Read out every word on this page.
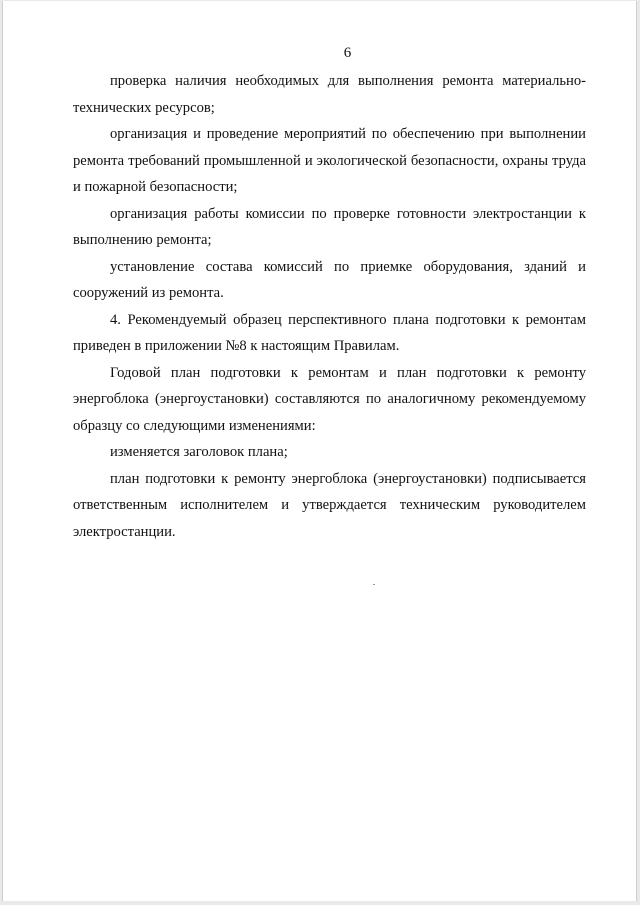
6

проверка наличия необходимых для выполнения ремонта материально-технических ресурсов;

организация и проведение мероприятий по обеспечению при выполнении ремонта требований промышленной и экологической безопасности, охраны труда и пожарной безопасности;

организация работы комиссии по проверке готовности электростанции к выполнению ремонта;

установление состава комиссий по приемке оборудования, зданий и сооружений из ремонта.

4. Рекомендуемый образец перспективного плана подготовки к ремонтам приведен в приложении №8 к настоящим Правилам.

Годовой план подготовки к ремонтам и план подготовки к ремонту энергоблока (энергоустановки) составляются по аналогичному рекомендуемому образцу со следующими изменениями:

изменяется заголовок плана;

план подготовки к ремонту энергоблока (энергоустановки) подписывается ответственным исполнителем и утверждается техническим руководителем электростанции.
